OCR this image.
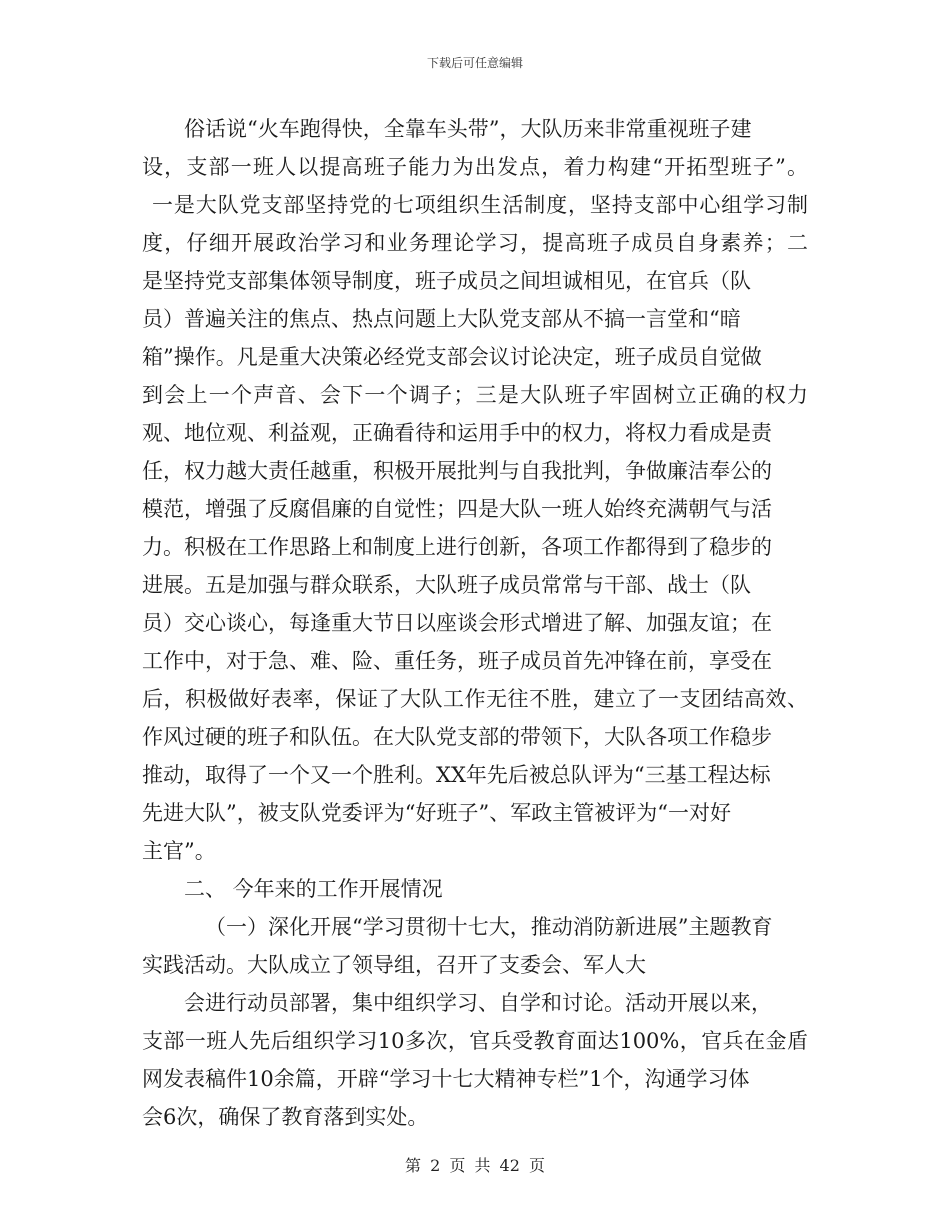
下载后可任意编辑
俗话说“火车跑得快，全靠车头带”，大队历来非常重视班子建
设，支部一班人以提高班子能力为出发点，着力构建“开拓型班子”。
一是大队党支部坚持党的七项组织生活制度，坚持支部中心组学习制
度，仔细开展政治学习和业务理论学习，提高班子成员自身素养；二
是坚持党支部集体领导制度，班子成员之间坦诚相见，在官兵（队
员）普遍关注的焦点、热点问题上大队党支部从不搞一言堂和“暗
箱”操作。凡是重大决策必经党支部会议讨论决定，班子成员自觉做
到会上一个声音、会下一个调子；三是大队班子牢固树立正确的权力
观、地位观、利益观，正确看待和运用手中的权力，将权力看成是责
任，权力越大责任越重，积极开展批判与自我批判，争做廉洁奉公的
模范，增强了反腐倡廉的自觉性；四是大队一班人始终充满朝气与活
力。积极在工作思路上和制度上进行创新，各项工作都得到了稳步的
进展。五是加强与群众联系，大队班子成员常常与干部、战士（队
员）交心谈心，每逢重大节日以座谈会形式增进了解、加强友谊；在
工作中，对于急、难、险、重任务，班子成员首先冲锋在前，享受在
后，积极做好表率，保证了大队工作无往不胜，建立了一支团结高效、
作风过硬的班子和队伍。在大队党支部的带领下，大队各项工作稳步
推动，取得了一个又一个胜利。XX年先后被总队评为“三基工程达标
先进大队”，被支队党委评为“好班子”、军政主管被评为“一对好
主官”。
二、 今年来的工作开展情况
（一）深化开展“学习贯彻十七大，推动消防新进展”主题教育
实践活动。大队成立了领导组，召开了支委会、军人大
会进行动员部署，集中组织学习、自学和讨论。活动开展以来，
支部一班人先后组织学习10多次，官兵受教育面达100%，官兵在金盾
网发表稿件10余篇，开辟“学习十七大精神专栏”1个，沟通学习体
会6次，确保了教育落到实处。
第 2 页 共 42 页
